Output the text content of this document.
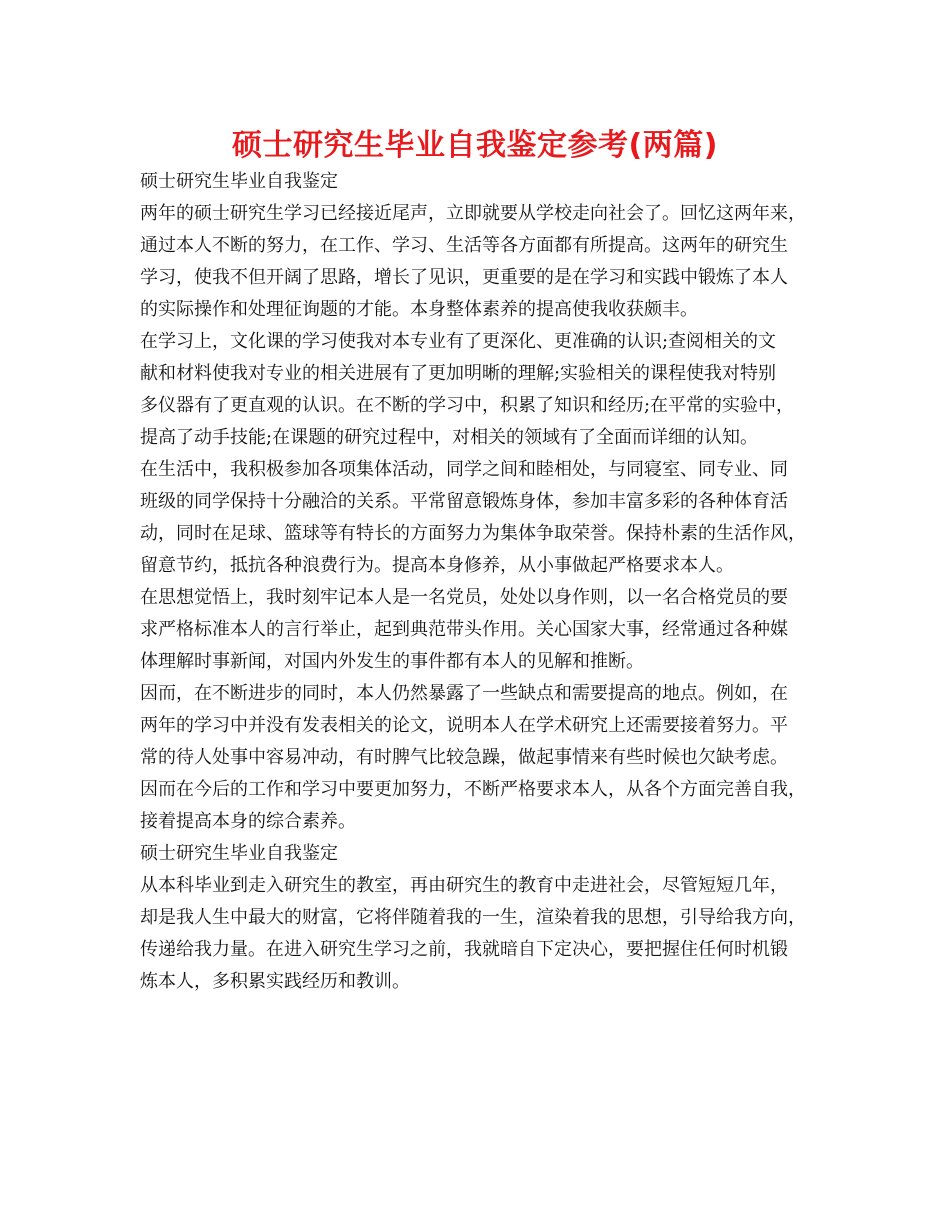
硕士研究生毕业自我鉴定参考(两篇)
硕士研究生毕业自我鉴定
两年的硕士研究生学习已经接近尾声，立即就要从学校走向社会了。回忆这两年来，
通过本人不断的努力，在工作、学习、生活等各方面都有所提高。这两年的研究生
学习，使我不但开阔了思路，增长了见识，更重要的是在学习和实践中锻炼了本人
的实际操作和处理征询题的才能。本身整体素养的提高使我收获颇丰。
在学习上，文化课的学习使我对本专业有了更深化、更准确的认识;查阅相关的文
献和材料使我对专业的相关进展有了更加明晰的理解;实验相关的课程使我对特别
多仪器有了更直观的认识。在不断的学习中，积累了知识和经历;在平常的实验中，
提高了动手技能;在课题的研究过程中，对相关的领域有了全面而详细的认知。
在生活中，我积极参加各项集体活动，同学之间和睦相处，与同寝室、同专业、同
班级的同学保持十分融洽的关系。平常留意锻炼身体，参加丰富多彩的各种体育活
动，同时在足球、篮球等有特长的方面努力为集体争取荣誉。保持朴素的生活作风，
留意节约，抵抗各种浪费行为。提高本身修养，从小事做起严格要求本人。
在思想觉悟上，我时刻牢记本人是一名党员，处处以身作则，以一名合格党员的要
求严格标准本人的言行举止，起到典范带头作用。关心国家大事，经常通过各种媒
体理解时事新闻，对国内外发生的事件都有本人的见解和推断。
因而，在不断进步的同时，本人仍然暴露了一些缺点和需要提高的地点。例如，在
两年的学习中并没有发表相关的论文，说明本人在学术研究上还需要接着努力。平
常的待人处事中容易冲动，有时脾气比较急躁，做起事情来有些时候也欠缺考虑。
因而在今后的工作和学习中要更加努力，不断严格要求本人，从各个方面完善自我，
接着提高本身的综合素养。
硕士研究生毕业自我鉴定
从本科毕业到走入研究生的教室，再由研究生的教育中走进社会，尽管短短几年，
却是我人生中最大的财富，它将伴随着我的一生，渲染着我的思想，引导给我方向，
传递给我力量。在进入研究生学习之前，我就暗自下定决心，要把握住任何时机锻
炼本人，多积累实践经历和教训。
